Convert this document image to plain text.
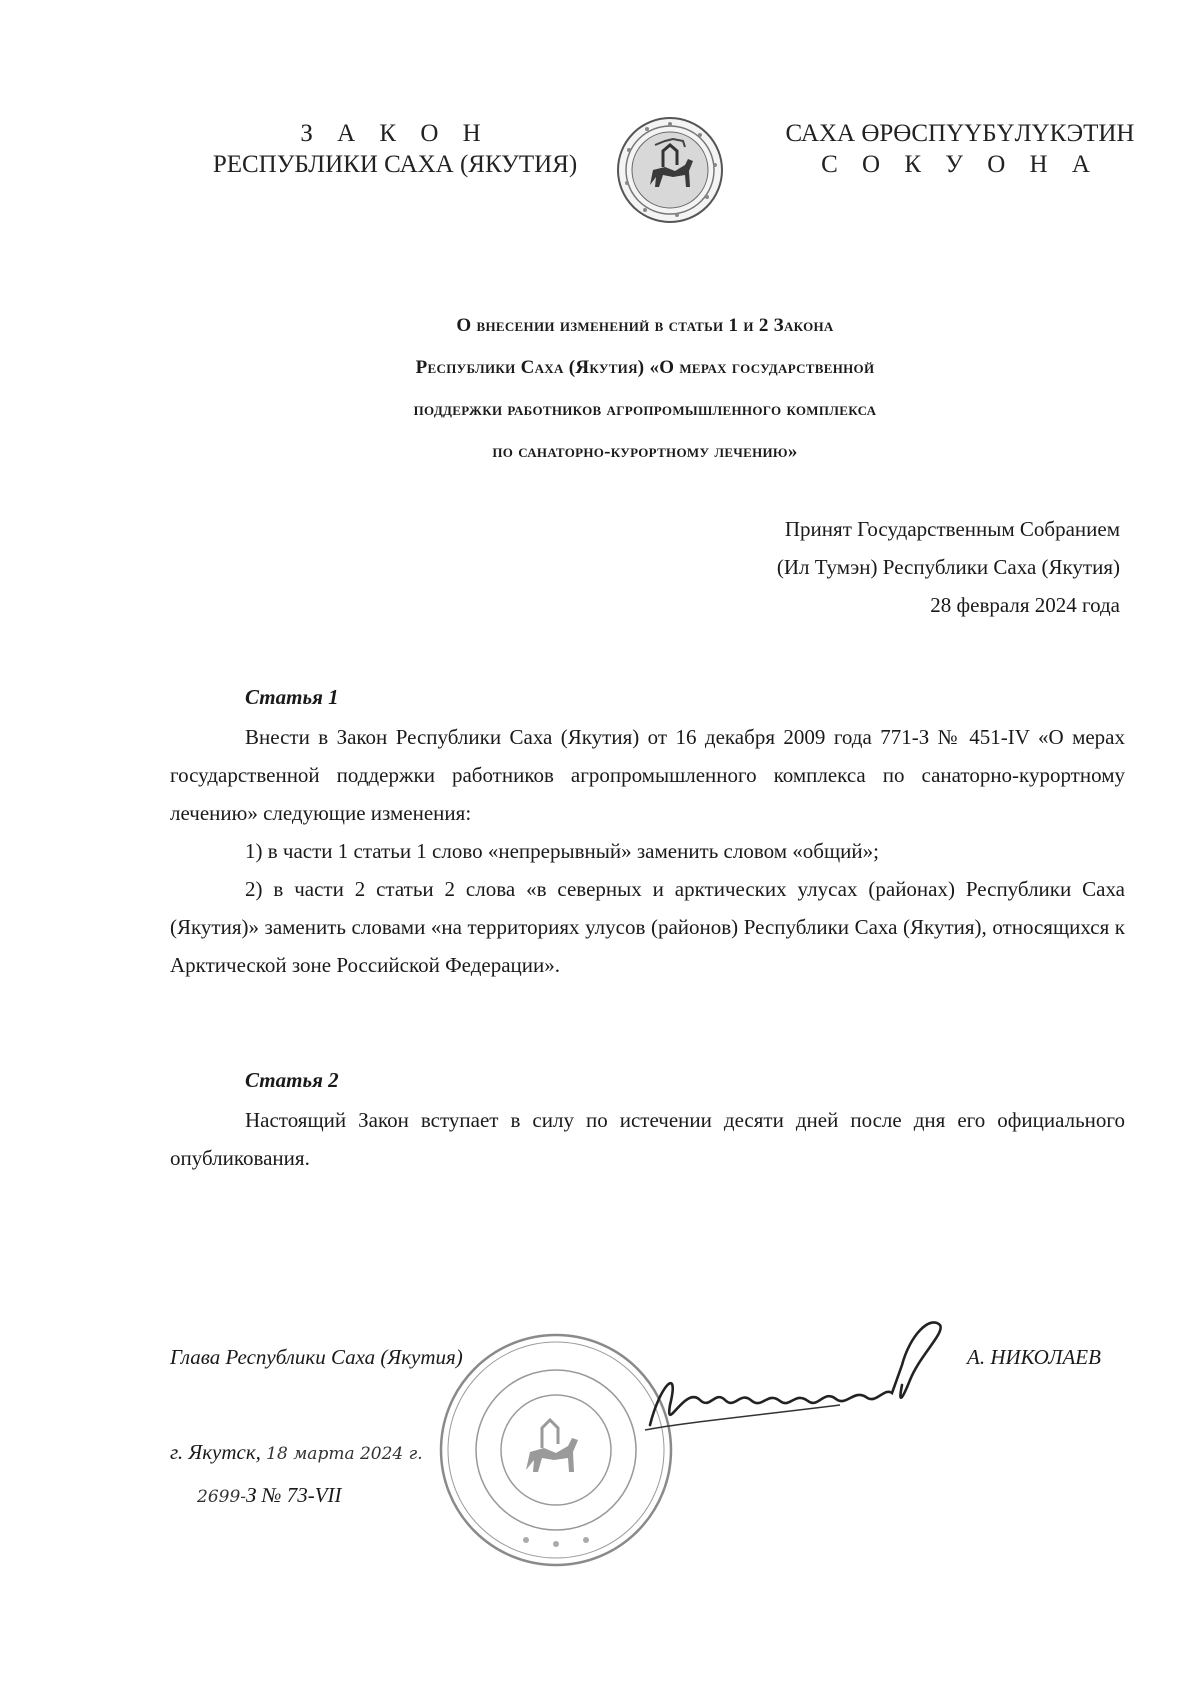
З А К О Н
РЕСПУБЛИКИ САХА (ЯКУТИЯ)
САХА ӨРӨСПҮҮБҮЛҮКЭТИН
С О К У О Н А
О внесении изменений в статьи 1 и 2 Закона
Республики Саха (Якутия) «О мерах государственной
поддержки работников агропромышленного комплекса
по санаторно-курортному лечению»
Принят Государственным Собранием
(Ил Тумэн) Республики Саха (Якутия)
28 февраля 2024 года
Статья 1

Внести в Закон Республики Саха (Якутия) от 16 декабря 2009 года 771-З № 451-IV «О мерах государственной поддержки работников агропромышленного комплекса по санаторно-курортному лечению» следующие изменения:

1) в части 1 статьи 1 слово «непрерывный» заменить словом «общий»;

2) в части 2 статьи 2 слова «в северных и арктических улусах (районах) Республики Саха (Якутия)» заменить словами «на территориях улусов (районов) Республики Саха (Якутия), относящихся к Арктической зоне Российской Федерации».

Статья 2

Настоящий Закон вступает в силу по истечении десяти дней после дня его официального опубликования.

Глава Республики Саха (Якутия)	А. НИКОЛАЕВ
г. Якутск, 18 марта 2024 г.
2699-З № 73-VII
